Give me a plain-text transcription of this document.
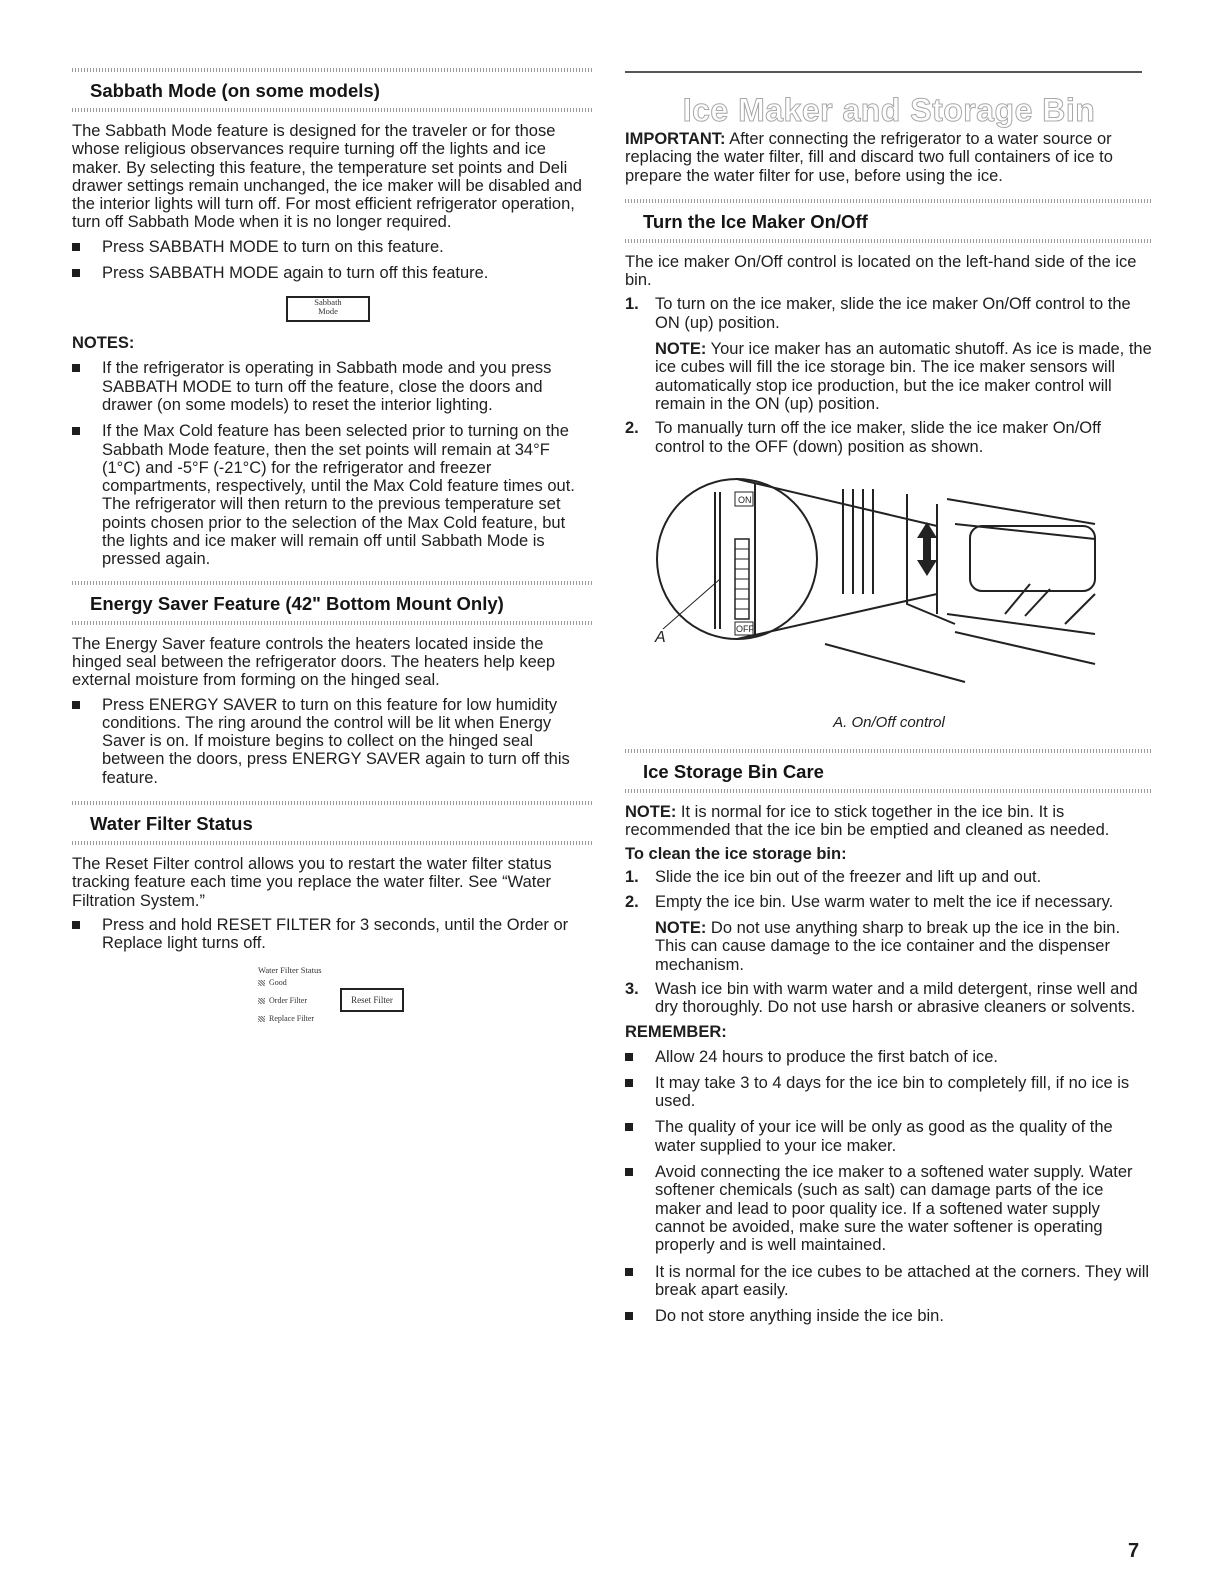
Sabbath Mode (on some models)

The Sabbath Mode feature is designed for the traveler or for those whose religious observances require turning off the lights and ice maker. By selecting this feature, the temperature set points and Deli drawer settings remain unchanged, the ice maker will be disabled and the interior lights will turn off. For most efficient refrigerator operation, turn off Sabbath Mode when it is no longer required.

Press SABBATH MODE to turn on this feature.
Press SABBATH MODE again to turn off this feature.
Sabbath
Mode
NOTES:
If the refrigerator is operating in Sabbath mode and you press SABBATH MODE to turn off the feature, close the doors and drawer (on some models) to reset the interior lighting.
If the Max Cold feature has been selected prior to turning on the Sabbath Mode feature, then the set points will remain at 34°F (1°C) and -5°F (-21°C) for the refrigerator and freezer compartments, respectively, until the Max Cold feature times out. The refrigerator will then return to the previous temperature set points chosen prior to the selection of the Max Cold feature, but the lights and ice maker will remain off until Sabbath Mode is pressed again.
Energy Saver Feature (42" Bottom Mount Only)

The Energy Saver feature controls the heaters located inside the hinged seal between the refrigerator doors. The heaters help keep external moisture from forming on the hinged seal.

Press ENERGY SAVER to turn on this feature for low humidity conditions. The ring around the control will be lit when Energy Saver is on. If moisture begins to collect on the hinged seal between the doors, press ENERGY SAVER again to turn off this feature.
Water Filter Status

The Reset Filter control allows you to restart the water filter status tracking feature each time you replace the water filter. See “Water Filtration System.”

Press and hold RESET FILTER for 3 seconds, until the Order or Replace light turns off.
Water Filter Status
Good
Order Filter
Replace Filter
Reset Filter
Ice Maker and Storage Bin

IMPORTANT: After connecting the refrigerator to a water source or replacing the water filter, fill and discard two full containers of ice to prepare the water filter for use, before using the ice.

Turn the Ice Maker On/Off

The ice maker On/Off control is located on the left-hand side of the ice bin.

1. To turn on the ice maker, slide the ice maker On/Off control to the ON (up) position.

NOTE: Your ice maker has an automatic shutoff. As ice is made, the ice cubes will fill the ice storage bin. The ice maker sensors will automatically stop ice production, but the ice maker control will remain in the ON (up) position.

2. To manually turn off the ice maker, slide the ice maker On/Off control to the OFF (down) position as shown.
ON
OFF
A
A. On/Off control
Ice Storage Bin Care

NOTE: It is normal for ice to stick together in the ice bin. It is recommended that the ice bin be emptied and cleaned as needed.

To clean the ice storage bin:
1. Slide the ice bin out of the freezer and lift up and out.
2. Empty the ice bin. Use warm water to melt the ice if necessary.

NOTE: Do not use anything sharp to break up the ice in the bin. This can cause damage to the ice container and the dispenser mechanism.

3. Wash ice bin with warm water and a mild detergent, rinse well and dry thoroughly. Do not use harsh or abrasive cleaners or solvents.
REMEMBER:
Allow 24 hours to produce the first batch of ice.
It may take 3 to 4 days for the ice bin to completely fill, if no ice is used.
The quality of your ice will be only as good as the quality of the water supplied to your ice maker.
Avoid connecting the ice maker to a softened water supply. Water softener chemicals (such as salt) can damage parts of the ice maker and lead to poor quality ice. If a softened water supply cannot be avoided, make sure the water softener is operating properly and is well maintained.
It is normal for the ice cubes to be attached at the corners. They will break apart easily.
Do not store anything inside the ice bin.
7
